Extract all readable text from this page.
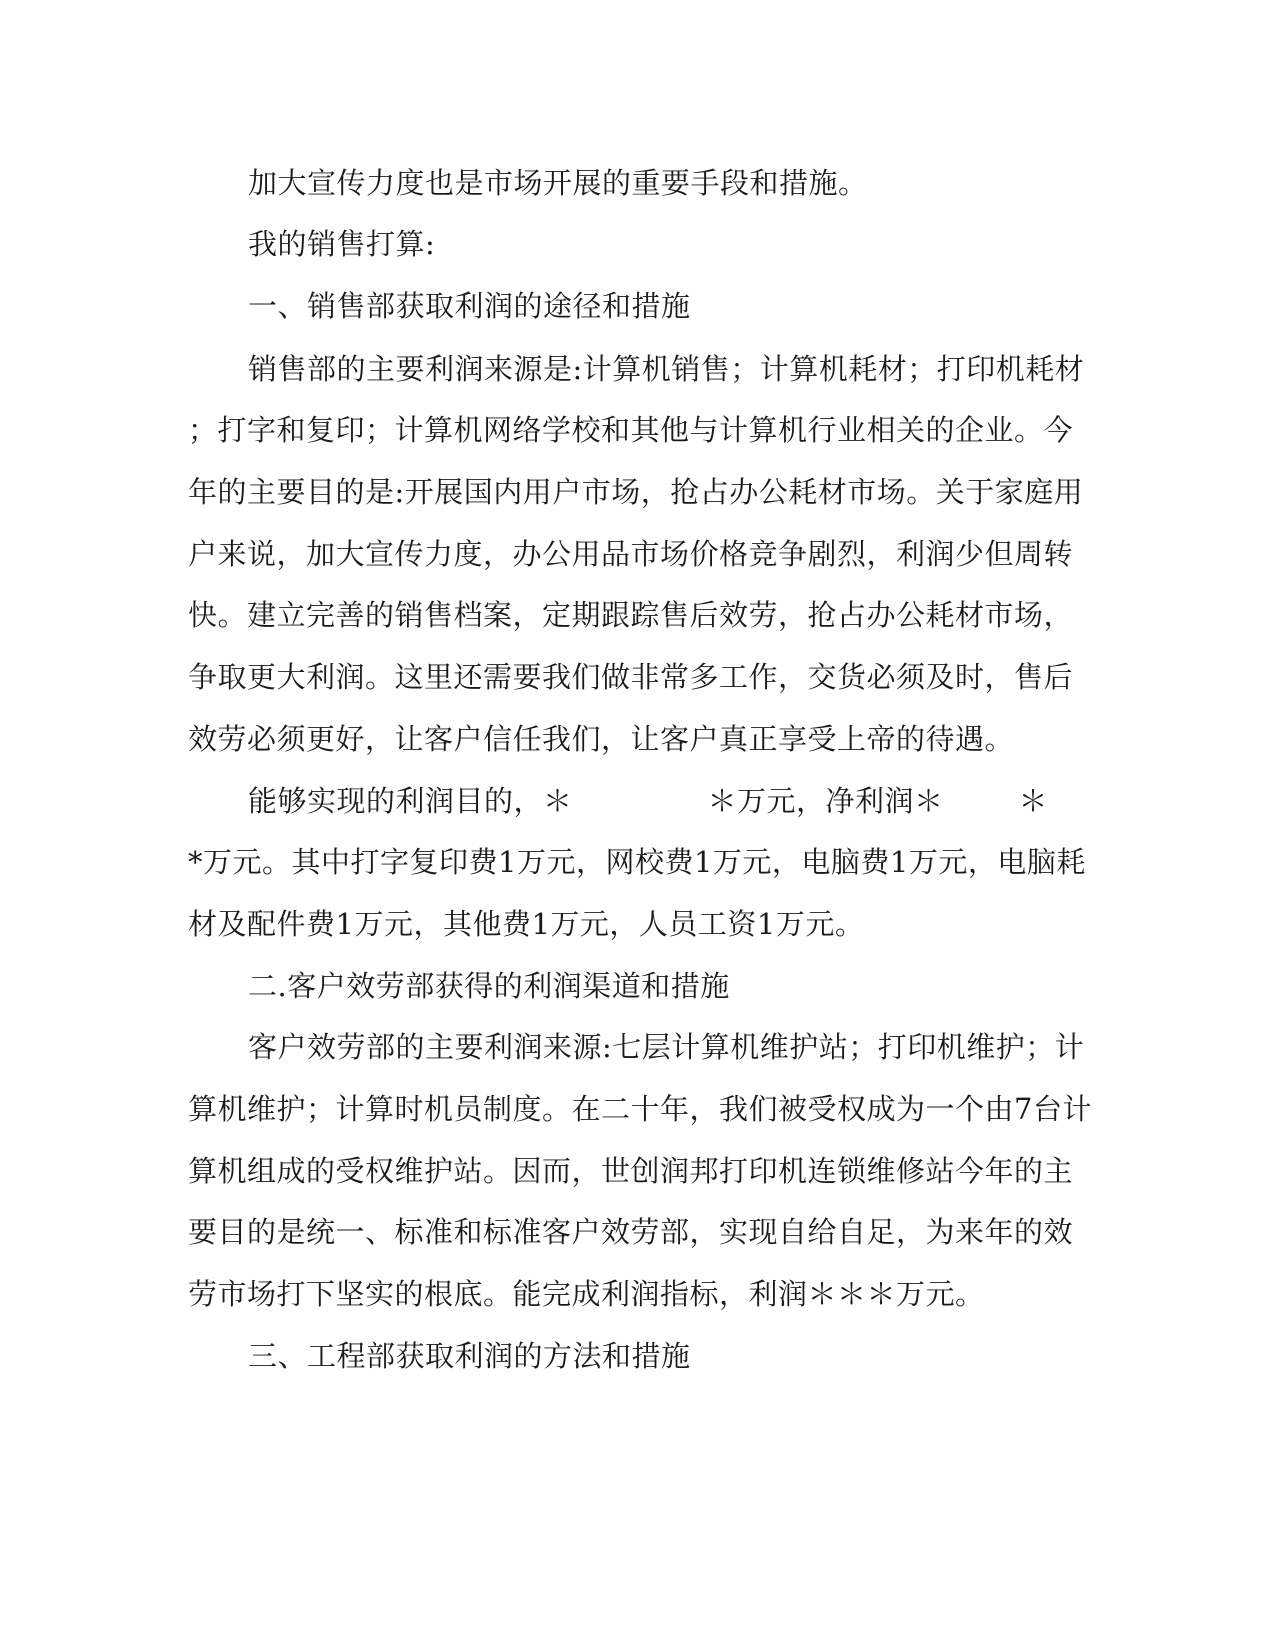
加大宣传力度也是市场开展的重要手段和措施。
我的销售打算:
一、销售部获取利润的途径和措施
销售部的主要利润来源是:计算机销售；计算机耗材；打印机耗材
；打字和复印；计算机网络学校和其他与计算机行业相关的企业。今
年的主要目的是:开展国内用户市场，抢占办公耗材市场。关于家庭用
户来说，加大宣传力度，办公用品市场价格竞争剧烈，利润少但周转
快。建立完善的销售档案，定期跟踪售后效劳，抢占办公耗材市场，
争取更大利润。这里还需要我们做非常多工作，交货必须及时，售后
效劳必须更好，让客户信任我们，让客户真正享受上帝的待遇。
能够实现的利润目的，＊	＊万元，净利润＊	＊
*万元。其中打字复印费1万元，网校费1万元，电脑费1万元，电脑耗
材及配件费1万元，其他费1万元，人员工资1万元。
二.客户效劳部获得的利润渠道和措施
客户效劳部的主要利润来源:七层计算机维护站；打印机维护；计
算机维护；计算时机员制度。在二十年，我们被受权成为一个由7台计
算机组成的受权维护站。因而，世创润邦打印机连锁维修站今年的主
要目的是统一、标准和标准客户效劳部，实现自给自足，为来年的效
劳市场打下坚实的根底。能完成利润指标，利润＊＊＊万元。
三、工程部获取利润的方法和措施
